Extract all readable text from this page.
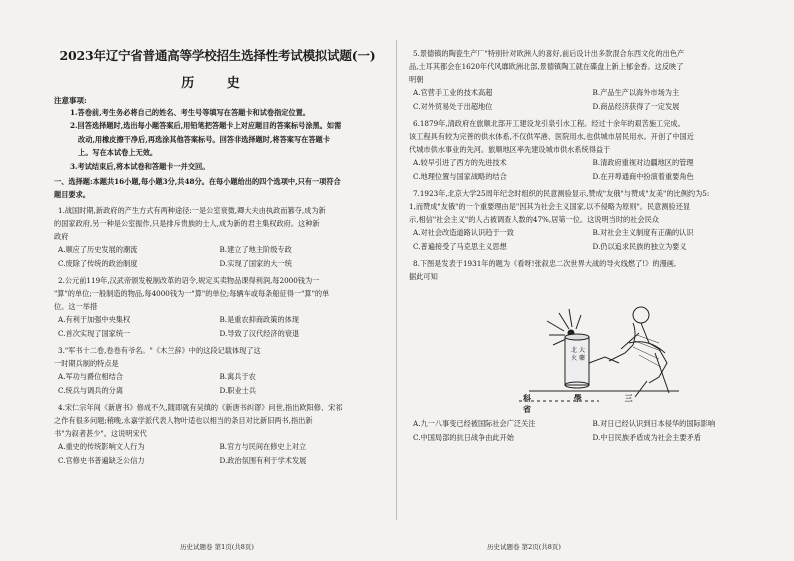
2023年辽宁省普通高等学校招生选择性考试模拟试题(一)
历 史
注意事项:
1.答卷前,考生务必将自己的姓名、考生号等填写在答题卡和试卷指定位置。
2.回答选择题时,选出每小题答案后,用铅笔把答题卡上对应题目的答案标号涂黑。如需
改动,用橡皮擦干净后,再选涂其他答案标号。回答非选择题时,将答案写在答题卡
上。写在本试卷上无效。
3.考试结束后,将本试卷和答题卡一并交回。
一、选择题:本题共16小题,每小题3分,共48分。在每小题给出的四个选项中,只有一项符合
题目要求。
1.战国时期,新政府的产生方式有两种途径:一是公室衰微,卿大夫由执政而篡夺,成为新
的国家政府,另一种是公室振作,只是排斥贵族的士人,成为新的君主集权政府。这种新
政府
A.顺应了历史发展的潮流	B.建立了地主阶级专政
C.废除了传统的政治制度	D.实现了国家的大一统
2.公元前119年,汉武帝颁发税制改革的诏令,规定买卖物品课得利润,每2000钱为一
"算"的单位;一般制造的物品,每4000钱为一"算"的单位;每辆车或每条船征得一"算"的单
位。这一举措
A.有利于加强中央集权	B.是重农抑商政策的体现
C.首次实现了国家统一	D.导致了汉代经济的衰退
3."军书十二卷,卷卷有爷名。"《木兰辞》中的这段记载体现了这
一时期兵制的特点是
A.军功与爵位相结合	B.寓兵于农
C.统兵与调兵的分离	D.职业士兵
4.宋仁宗年间《新唐书》修成不久,随即就有吴缜的《新唐书纠谬》问世,指出欧阳修、宋祁
之作有很多问题;稍晚,永嘉学派代表人物叶适也以相当的条目对比新旧两书,指出新
书"为叙者甚少"。这说明宋代
A.重史的传统影响文人行为	B.官方与民间在修史上对立
C.官修史书普遍缺乏公信力	D.政治氛围有利于学术发展
历史试题卷 第1页(共8页)
5.景德镇的陶瓷生产厂"特别针对欧洲人的喜好,前后设计出多款混合东西文化的出色产
品,土耳其都会在1620年代风靡欧洲北部,景德镇陶工就在碟盘上新上郁金香。这反映了
明朝
A.官营手工业的技术高超	B.产品生产以海外市场为主
C.对外贸易处于出超地位	D.商品经济获得了一定发展
6.1879年,清政府在旅顺北部开工建设龙引泉引水工程。经过十余年的艰苦施工完成。
该工程具有较为完善的供水体系,不仅供军港、医院用水,也供城市居民用水。开创了中国近
代城市供水事业的先河。旅顺地区率先建设城市供水系统得益于
A.较早引进了西方的先进技术	B.清政府重视对边疆地区的管理
C.地理位置与国家战略的结合	D.在开埠通商中扮演着重要角色
7.1923年,北京大学25周年纪念时组织的民意测验显示,赞成"友俄"与赞成"友美"的比例约为5:
1,而赞成"友俄"的一个重要理由是"因其为社会主义国家,以不侵略为原则"。民意测验还显
示,相信"社会主义"的人占被调查人数的47%,居第一位。这说明当时的社会民众
A.对社会改造道路认识趋于一致	B.对社会主义制度有正确的认识
C.普遍接受了马克思主义思想	D.仍以追求民族的独立为要义
8.下图是发表于1931年的题为《看呀!张叙忠二次世界大战的导火线燃了!》的漫画,
据此可知
北 大 火 藥
科 學 三 省
A.九一八事变已经被国际社会广泛关注	B.对日已经认识到日本侵华的国际影响
C.中国局部的抗日战争由此开始	D.中日民族矛盾成为社会主要矛盾
历史试题卷 第2页(共8页)
